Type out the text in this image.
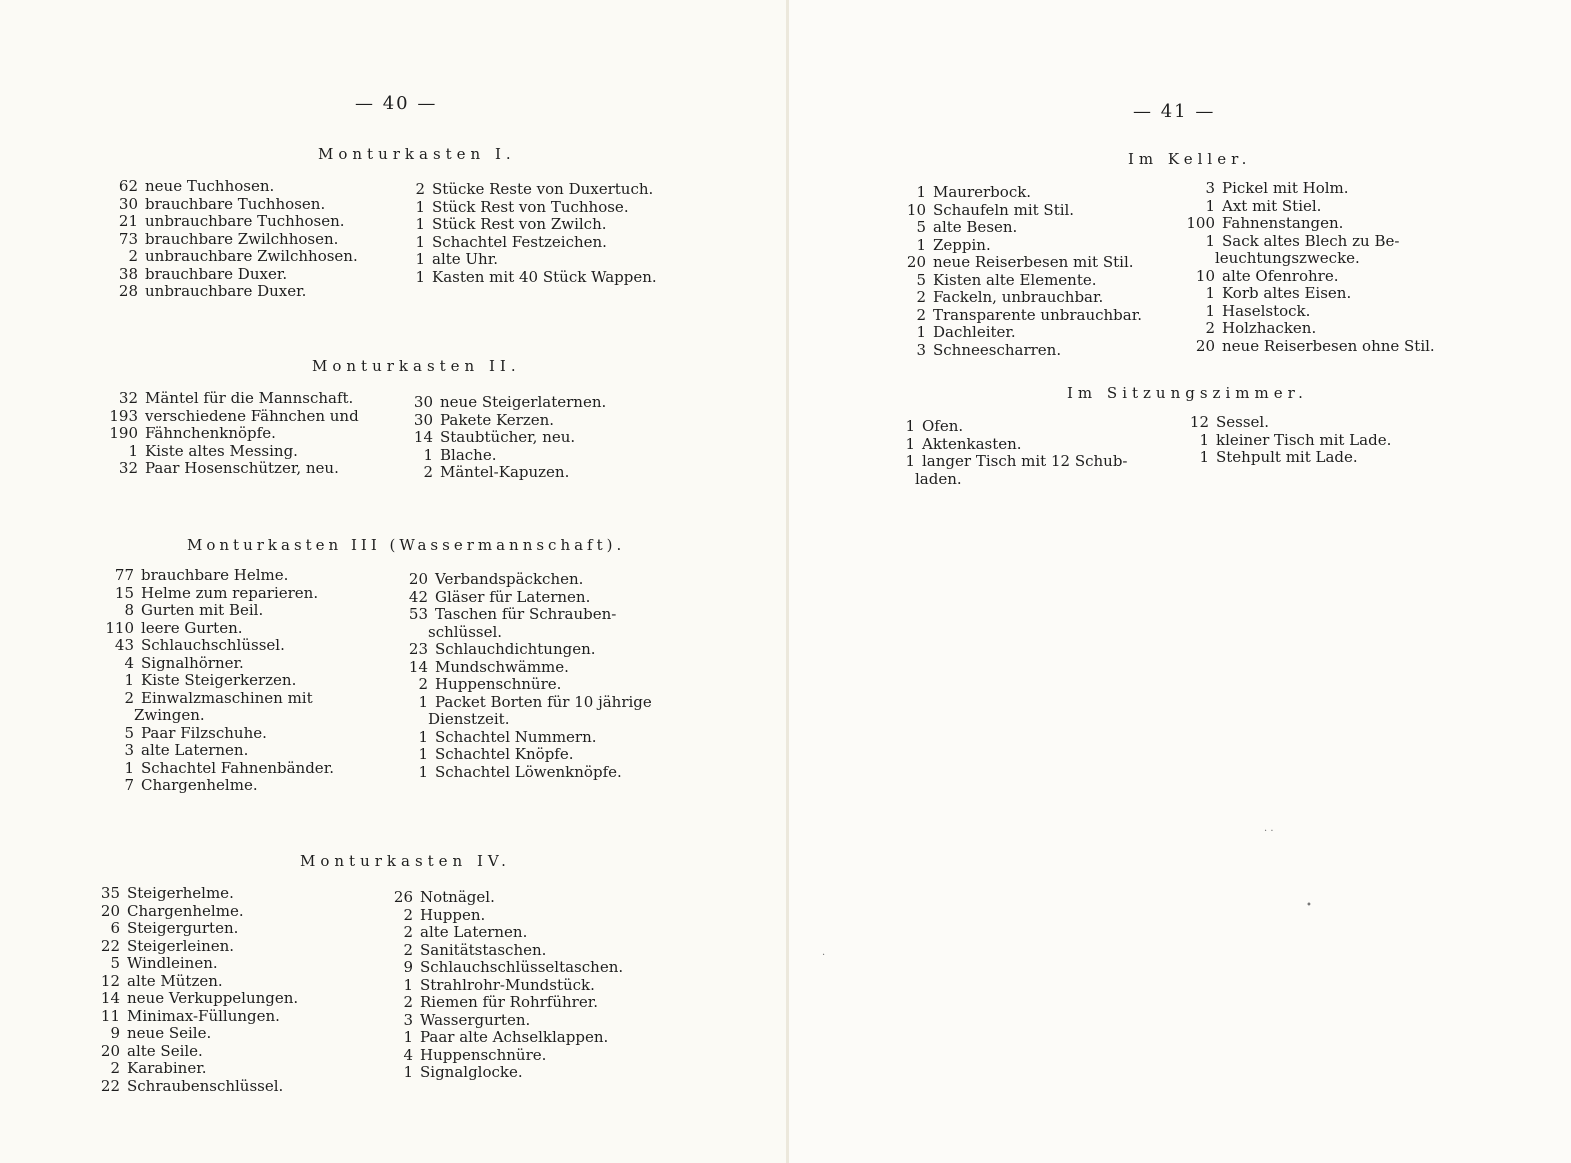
— 40 —
Monturkasten I.
62 neue Tuchhosen.
30 brauchbare Tuchhosen.
21 unbrauchbare Tuchhosen.
73 brauchbare Zwilchhosen.
2 unbrauchbare Zwilchhosen.
38 brauchbare Duxer.
28 unbrauchbare Duxer.
2 Stücke Reste von Duxertuch.
1 Stück Rest von Tuchhose.
1 Stück Rest von Zwilch.
1 Schachtel Festzeichen.
1 alte Uhr.
1 Kasten mit 40 Stück Wappen.
Monturkasten II.
32 Mäntel für die Mannschaft.
193 verschiedene Fähnchen und
190 Fähnchenknöpfe.
1 Kiste altes Messing.
32 Paar Hosenschützer, neu.
30 neue Steigerlaternen.
30 Pakete Kerzen.
14 Staubtücher, neu.
1 Blache.
2 Mäntel-Kapuzen.
Monturkasten III (Wassermannschaft).
77 brauchbare Helme.
15 Helme zum reparieren.
8 Gurten mit Beil.
110 leere Gurten.
43 Schlauchschlüssel.
4 Signalhörner.
1 Kiste Steigerkerzen.
2 Einwalzmaschinen mit
Zwingen.
5 Paar Filzschuhe.
3 alte Laternen.
1 Schachtel Fahnenbänder.
7 Chargenhelme.
20 Verbandspäckchen.
42 Gläser für Laternen.
53 Taschen für Schrauben-
schlüssel.
23 Schlauchdichtungen.
14 Mundschwämme.
2 Huppenschnüre.
1 Packet Borten für 10 jährige
Dienstzeit.
1 Schachtel Nummern.
1 Schachtel Knöpfe.
1 Schachtel Löwenknöpfe.
Monturkasten IV.
35 Steigerhelme.
20 Chargenhelme.
6 Steigergurten.
22 Steigerleinen.
5 Windleinen.
12 alte Mützen.
14 neue Verkuppelungen.
11 Minimax-Füllungen.
9 neue Seile.
20 alte Seile.
2 Karabiner.
22 Schraubenschlüssel.
26 Notnägel.
2 Huppen.
2 alte Laternen.
2 Sanitätstaschen.
9 Schlauchschlüsseltaschen.
1 Strahlrohr-Mundstück.
2 Riemen für Rohrführer.
3 Wassergurten.
1 Paar alte Achselklappen.
4 Huppenschnüre.
1 Signalglocke.
— 41 —
Im Keller.
1 Maurerbock.
10 Schaufeln mit Stil.
5 alte Besen.
1 Zeppin.
20 neue Reiserbesen mit Stil.
5 Kisten alte Elemente.
2 Fackeln, unbrauchbar.
2 Transparente unbrauchbar.
1 Dachleiter.
3 Schneescharren.
3 Pickel mit Holm.
1 Axt mit Stiel.
100 Fahnenstangen.
1 Sack altes Blech zu Be-
leuchtungszwecke.
10 alte Ofenrohre.
1 Korb altes Eisen.
1 Haselstock.
2 Holzhacken.
20 neue Reiserbesen ohne Stil.
Im Sitzungszimmer.
1 Ofen.
1 Aktenkasten.
1 langer Tisch mit 12 Schub-
laden.
12 Sessel.
1 kleiner Tisch mit Lade.
1 Stehpult mit Lade.
· ·
•
·
